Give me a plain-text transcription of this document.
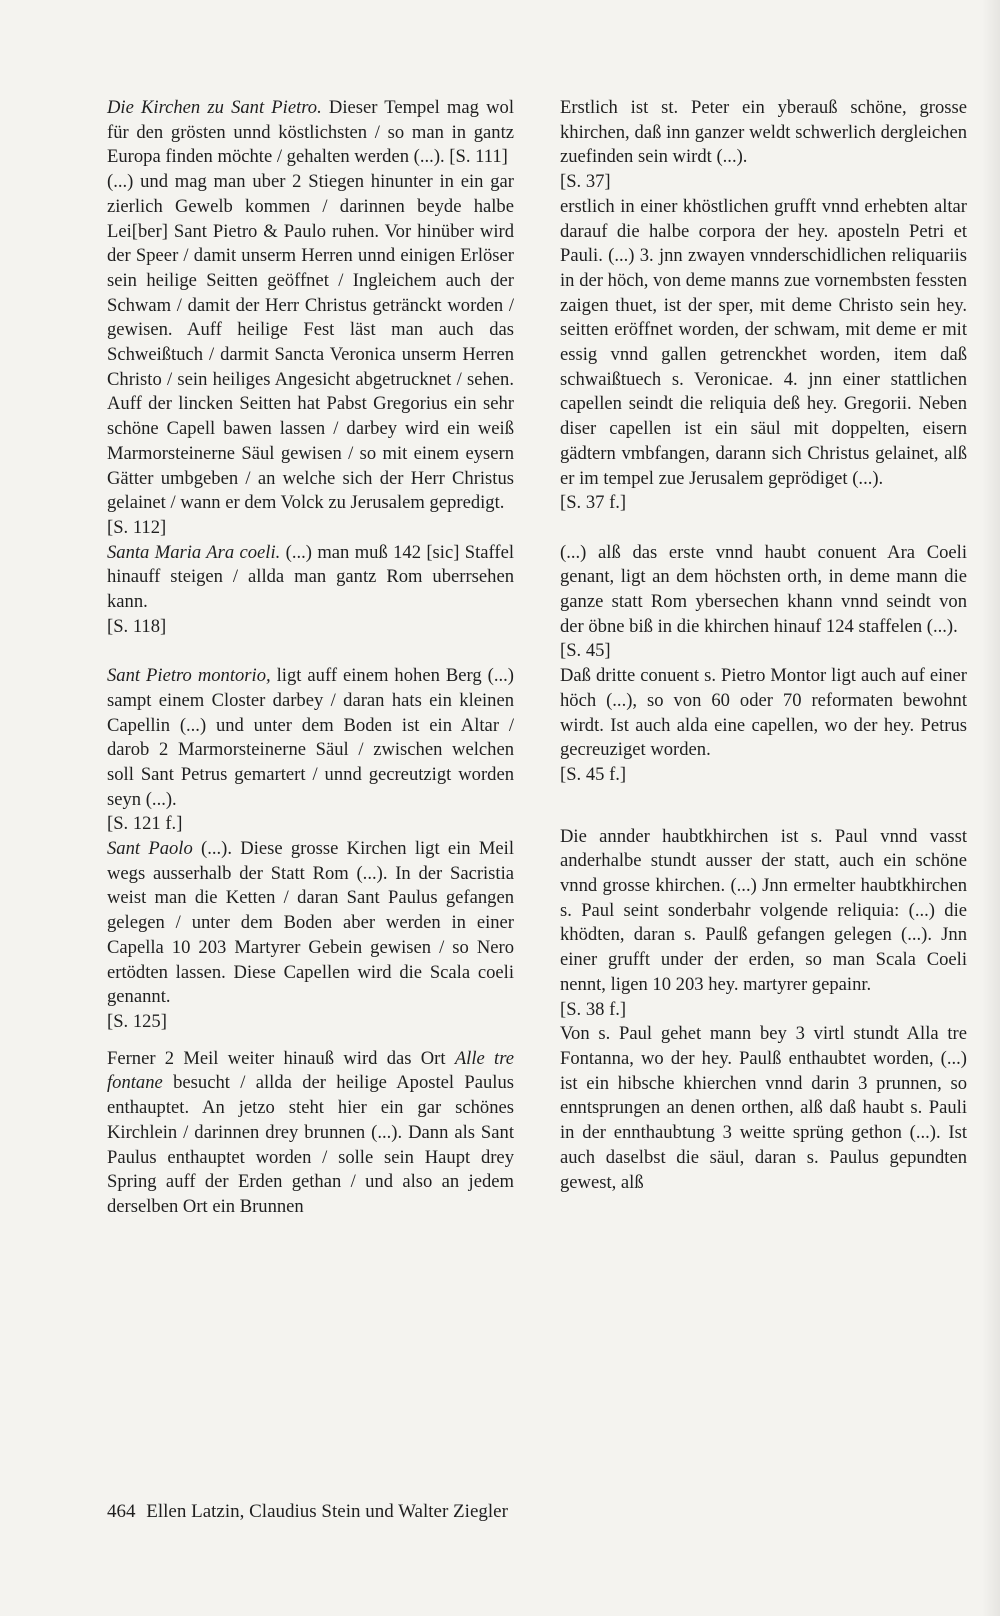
Die Kirchen zu Sant Pietro. Dieser Tempel mag wol für den grösten unnd köstlichsten / so man in gantz Europa finden möchte / gehalten werden (...). [S. 111]

(...) und mag man uber 2 Stiegen hinunter in ein gar zierlich Gewelb kommen / darinnen beyde halbe Lei[ber] Sant Pietro & Paulo ruhen. Vor hinüber wird der Speer / damit unserm Herren unnd einigen Erlöser sein heilige Seitten geöffnet / Ingleichem auch der Schwam / damit der Herr Christus getränckt worden / gewisen. Auff heilige Fest läst man auch das Schweißtuch / darmit Sancta Veronica unserm Herren Christo / sein heiliges Angesicht abgetrucknet / sehen. Auff der lincken Seitten hat Pabst Gregorius ein sehr schöne Capell bawen lassen / darbey wird ein weiß Marmorsteinerne Säul gewisen / so mit einem eysern Gätter umbgeben / an welche sich der Herr Christus gelainet / wann er dem Volck zu Jerusalem gepredigt.

[S. 112]

Santa Maria Ara coeli. (...) man muß 142 [sic] Staffel hinauff steigen / allda man gantz Rom uberrsehen kann.

[S. 118]

Sant Pietro montorio, ligt auff einem hohen Berg (...) sampt einem Closter darbey / daran hats ein kleinen Capellin (...) und unter dem Boden ist ein Altar / darob 2 Marmorsteinerne Säul / zwischen welchen soll Sant Petrus gemartert / unnd gecreutzigt worden seyn (...).

[S. 121 f.]

Sant Paolo (...). Diese grosse Kirchen ligt ein Meil wegs ausserhalb der Statt Rom (...). In der Sacristia weist man die Ketten / daran Sant Paulus gefangen gelegen / unter dem Boden aber werden in einer Capella 10 203 Martyrer Gebein gewisen / so Nero ertödten lassen. Diese Capellen wird die Scala coeli genannt.

[S. 125]

Ferner 2 Meil weiter hinauß wird das Ort Alle tre fontane besucht / allda der heilige Apostel Paulus enthauptet. An jetzo steht hier ein gar schönes Kirchlein / darinnen drey brunnen (...). Dann als Sant Paulus enthauptet worden / solle sein Haupt drey Spring auff der Erden gethan / und also an jedem derselben Ort ein Brunnen

Erstlich ist st. Peter ein yberauß schöne, grosse khirchen, daß inn ganzer weldt schwerlich dergleichen zuefinden sein wirdt (...).

[S. 37]

erstlich in einer khöstlichen grufft vnnd erhebten altar darauf die halbe corpora der hey. aposteln Petri et Pauli. (...) 3. jnn zwayen vnnderschidlichen reliquariis in der höch, von deme manns zue vornembsten fessten zaigen thuet, ist der sper, mit deme Christo sein hey. seitten eröffnet worden, der schwam, mit deme er mit essig vnnd gallen getrenckhet worden, item daß schwaißtuech s. Veronicae. 4. jnn einer stattlichen capellen seindt die reliquia deß hey. Gregorii. Neben diser capellen ist ein säul mit doppelten, eisern gädtern vmbfangen, darann sich Christus gelainet, alß er im tempel zue Jerusalem geprödiget (...).

[S. 37 f.]

(...) alß das erste vnnd haubt conuent Ara Coeli genant, ligt an dem höchsten orth, in deme mann die ganze statt Rom ybersechen khann vnnd seindt von der öbne biß in die khirchen hinauf 124 staffelen (...).

[S. 45]

Daß dritte conuent s. Pietro Montor ligt auch auf einer höch (...), so von 60 oder 70 reformaten bewohnt wirdt. Ist auch alda eine capellen, wo der hey. Petrus gecreuziget worden.

[S. 45 f.]

Die annder haubtkhirchen ist s. Paul vnnd vasst anderhalbe stundt ausser der statt, auch ein schöne vnnd grosse khirchen. (...) Jnn ermelter haubtkhirchen s. Paul seint sonderbahr volgende reliquia: (...) die khödten, daran s. Paulß gefangen gelegen (...). Jnn einer grufft under der erden, so man Scala Coeli nennt, ligen 10 203 hey. martyrer gepainr.

[S. 38 f.]

Von s. Paul gehet mann bey 3 virtl stundt Alla tre Fontanna, wo der hey. Paulß enthaubtet worden, (...) ist ein hibsche khierchen vnnd darin 3 prunnen, so enntsprungen an denen orthen, alß daß haubt s. Pauli in der ennthaubtung 3 weitte sprüng gethon (...). Ist auch daselbst die säul, daran s. Paulus gepundten gewest, alß

464 Ellen Latzin, Claudius Stein und Walter Ziegler
